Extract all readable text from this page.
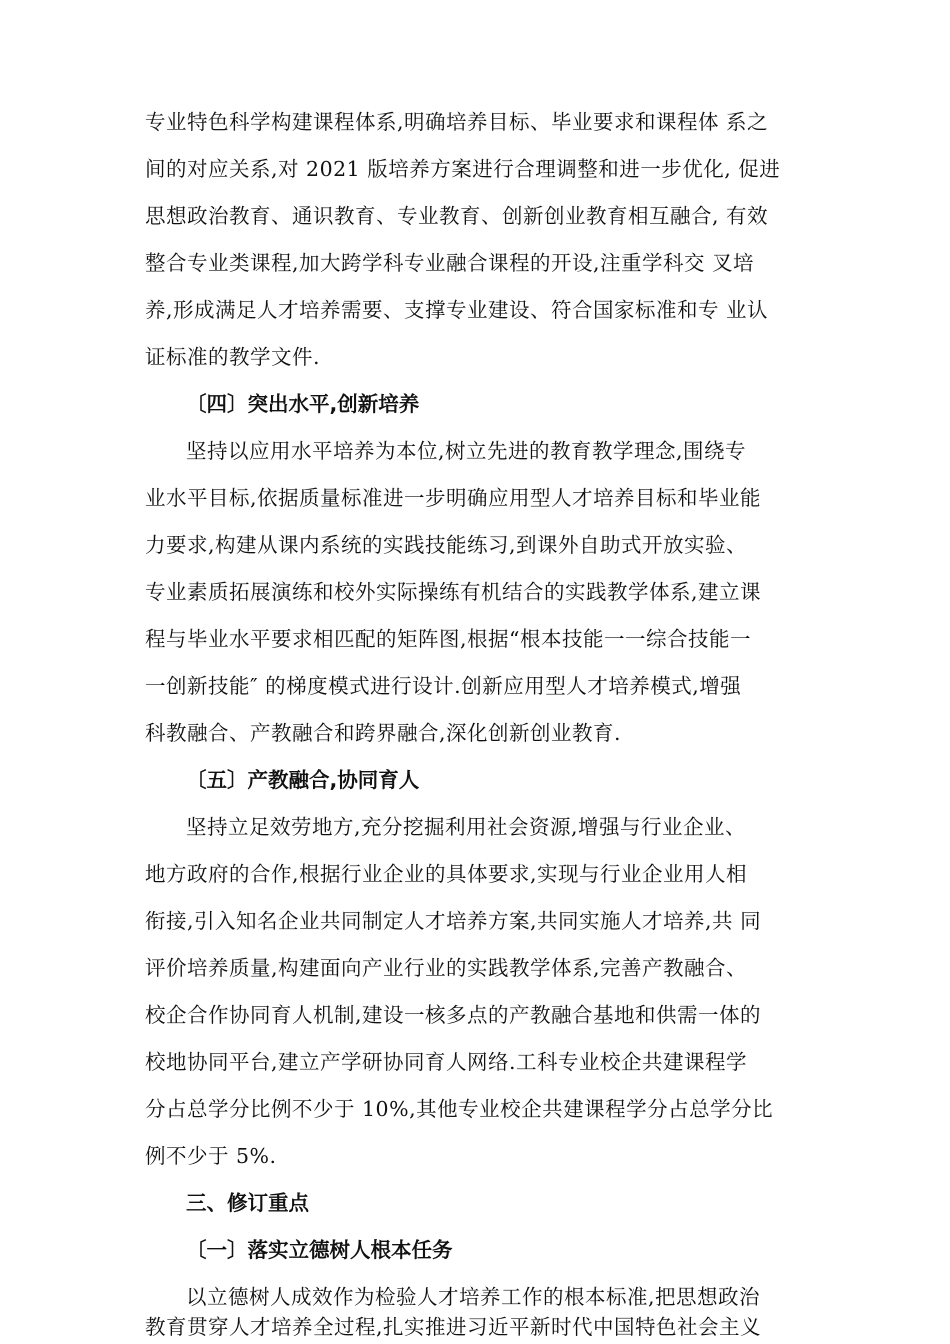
专业特色科学构建课程体系,明确培养目标、毕业要求和课程体 系之
间的对应关系,对 2021 版培养方案进行合理调整和进一步优化, 促进
思想政治教育、通识教育、专业教育、创新创业教育相互融合, 有效
整合专业类课程,加大跨学科专业融合课程的开设,注重学科交 叉培
养,形成满足人才培养需要、支撑专业建设、符合国家标准和专 业认
证标准的教学文件.
〔四〕突出水平,创新培养
坚持以应用水平培养为本位,树立先进的教育教学理念,围绕专
业水平目标,依据质量标准进一步明确应用型人才培养目标和毕业能
力要求,构建从课内系统的实践技能练习,到课外自助式开放实验、
专业素质拓展演练和校外实际操练有机结合的实践教学体系,建立课
程与毕业水平要求相匹配的矩阵图,根据“根本技能一一综合技能一
一创新技能″ 的梯度模式进行设计.创新应用型人才培养模式,增强
科教融合、产教融合和跨界融合,深化创新创业教育.
〔五〕产教融合,协同育人
坚持立足效劳地方,充分挖掘利用社会资源,增强与行业企业、
地方政府的合作,根据行业企业的具体要求,实现与行业企业用人相
衔接,引入知名企业共同制定人才培养方案,共同实施人才培养,共 同
评价培养质量,构建面向产业行业的实践教学体系,完善产教融合、
校企合作协同育人机制,建设一核多点的产教融合基地和供需一体的
校地协同平台,建立产学研协同育人网络.工科专业校企共建课程学
分占总学分比例不少于 10%,其他专业校企共建课程学分占总学分比
例不少于 5%.
三、修订重点
〔一〕落实立德树人根本任务
以立德树人成效作为检验人才培养工作的根本标准,把思想政治
教育贯穿人才培养全过程,扎实推进习近平新时代中国特色社会主义
